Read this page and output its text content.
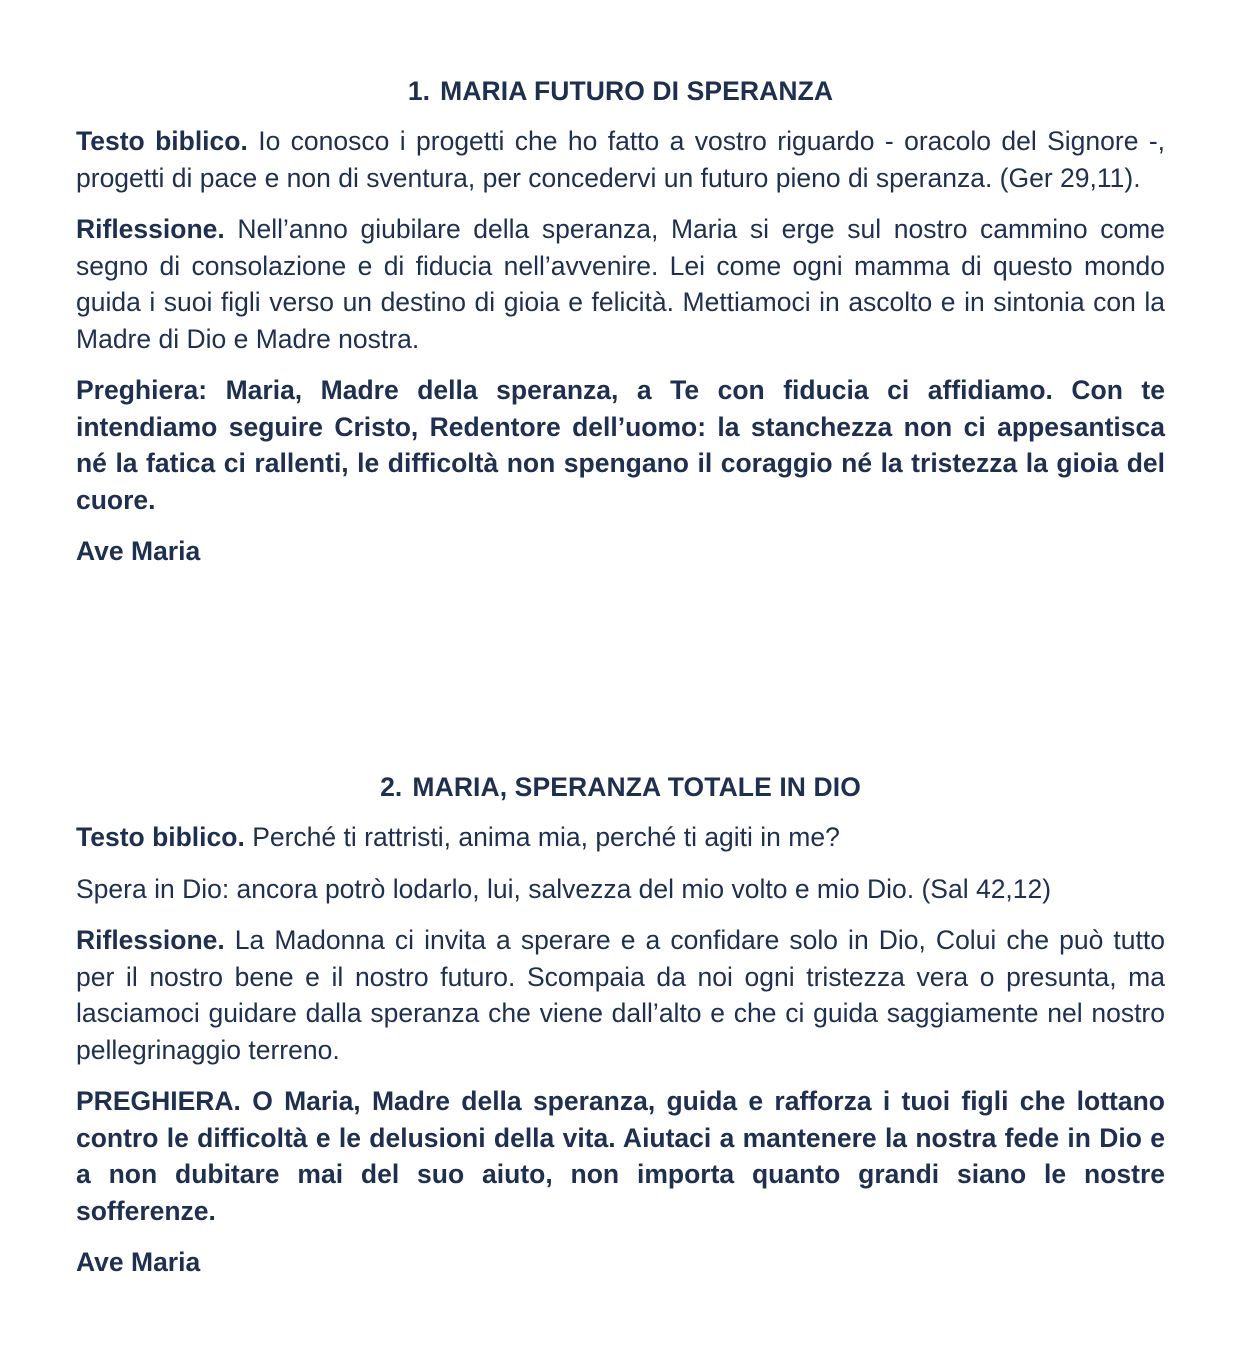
1. MARIA FUTURO DI SPERANZA

Testo biblico. Io conosco i progetti che ho fatto a vostro riguardo - oracolo del Signore -, progetti di pace e non di sventura, per concedervi un futuro pieno di speranza. (Ger 29,11).

Riflessione. Nell’anno giubilare della speranza, Maria si erge sul nostro cammino come segno di consolazione e di fiducia nell’avvenire. Lei come ogni mamma di questo mondo guida i suoi figli verso un destino di gioia e felicità. Mettiamoci in ascolto e in sintonia con la Madre di Dio e Madre nostra.

Preghiera: Maria, Madre della speranza, a Te con fiducia ci affidiamo. Con te intendiamo seguire Cristo, Redentore dell’uomo: la stanchezza non ci appesantisca né la fatica ci rallenti, le difficoltà non spengano il coraggio né la tristezza la gioia del cuore.

Ave Maria

2. MARIA, SPERANZA TOTALE IN DIO

Testo biblico. Perché ti rattristi, anima mia, perché ti agiti in me?

Spera in Dio: ancora potrò lodarlo, lui, salvezza del mio volto e mio Dio. (Sal 42,12)

Riflessione. La Madonna ci invita a sperare e a confidare solo in Dio, Colui che può tutto per il nostro bene e il nostro futuro. Scompaia da noi ogni tristezza vera o presunta, ma lasciamoci guidare dalla speranza che viene dall’alto e che ci guida saggiamente nel nostro pellegrinaggio terreno.

PREGHIERA. O Maria, Madre della speranza, guida e rafforza i tuoi figli che lottano contro le difficoltà e le delusioni della vita. Aiutaci a mantenere la nostra fede in Dio e a non dubitare mai del suo aiuto, non importa quanto grandi siano le nostre sofferenze.

Ave Maria
